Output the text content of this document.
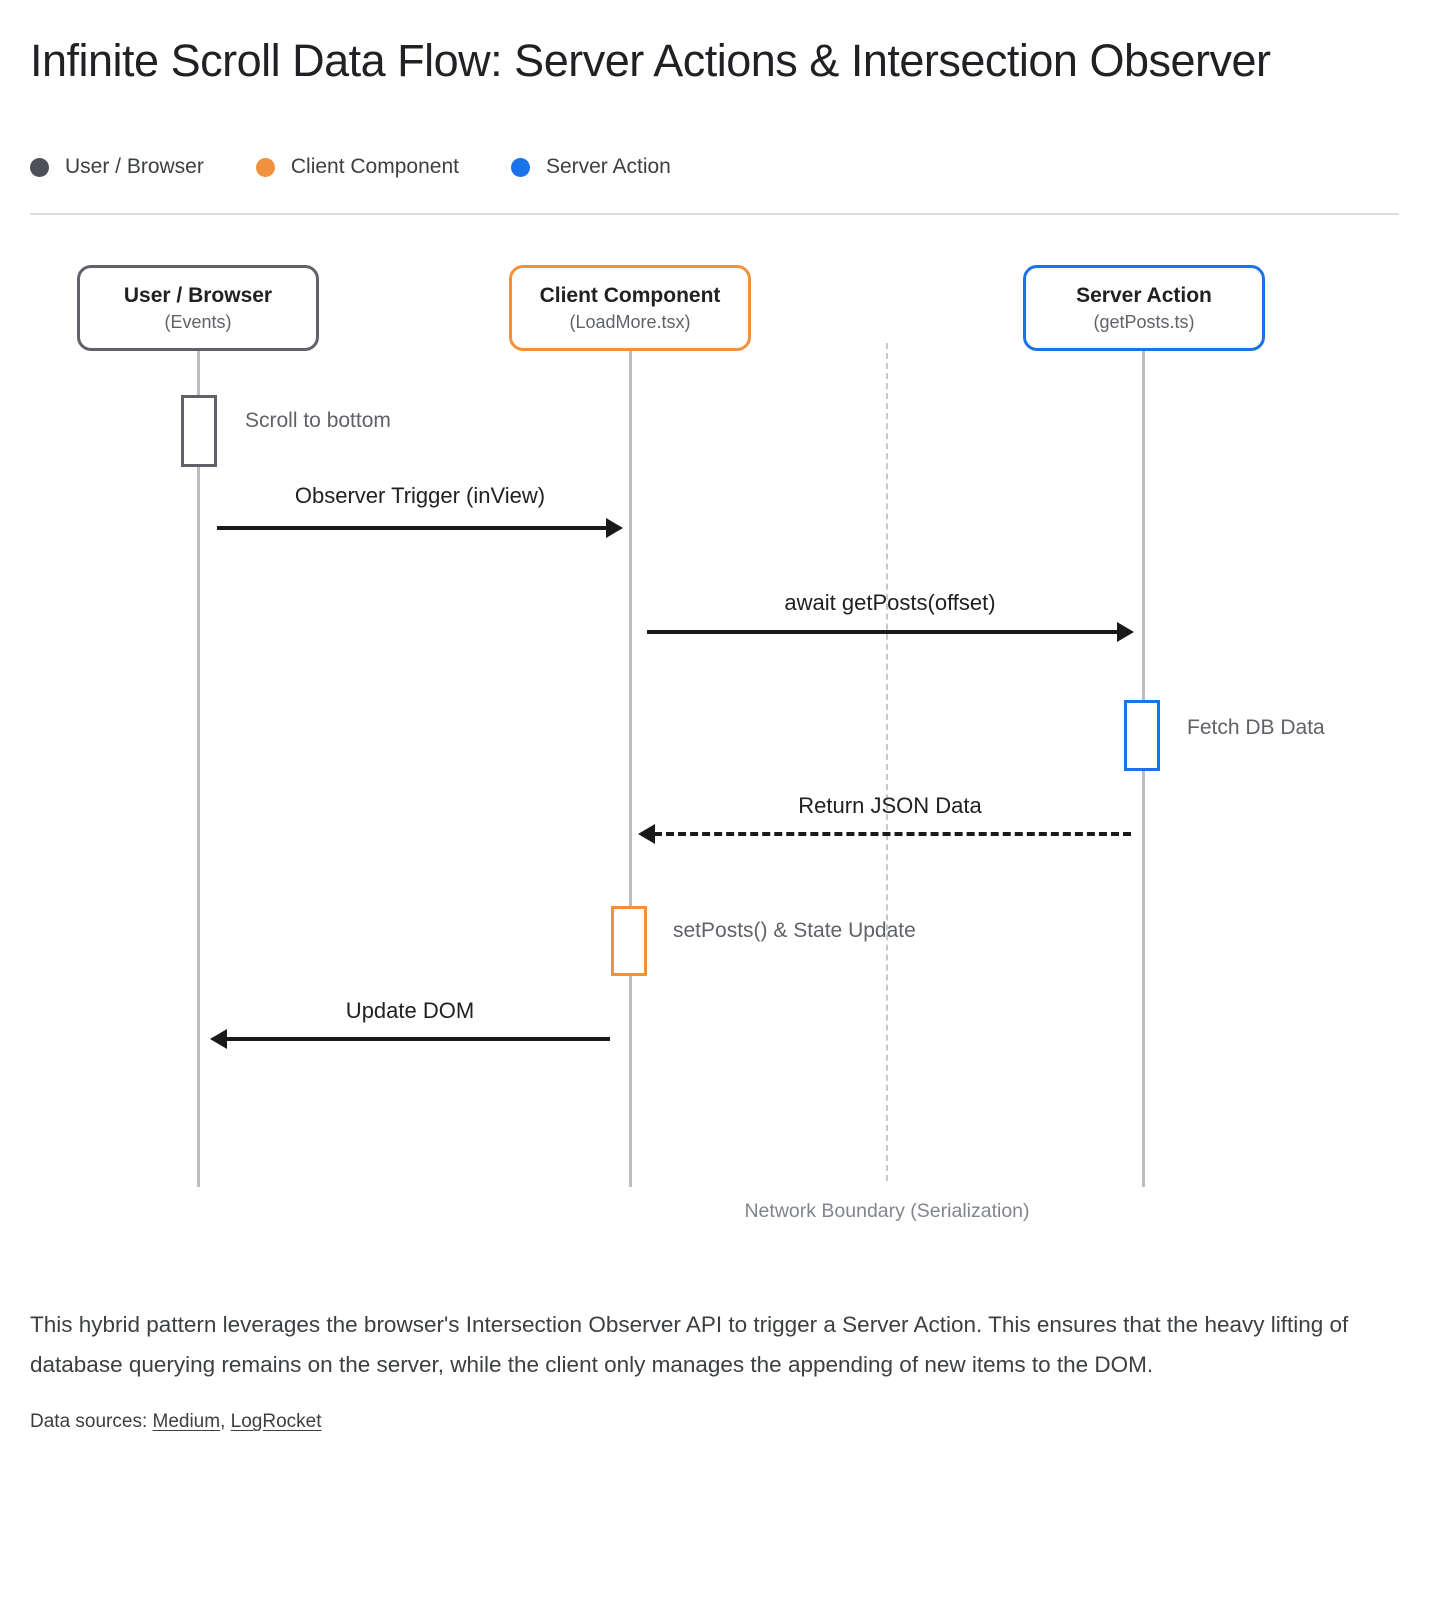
Infinite Scroll Data Flow: Server Actions & Intersection Observer
User / Browser	Client Component	Server Action
Network Boundary (Serialization)
User / Browser
(Events)
Client Component
(LoadMore.tsx)
Server Action
(getPosts.ts)
Scroll to bottom
Fetch DB Data
setPosts() & State Update
Observer Trigger (inView)
await getPosts(offset)
Return JSON Data
Update DOM

This hybrid pattern leverages the browser's Intersection Observer API to trigger a Server Action. This ensures that the heavy lifting of database querying remains on the server, while the client only manages the appending of new items to the DOM.

Data sources: Medium, LogRocket
